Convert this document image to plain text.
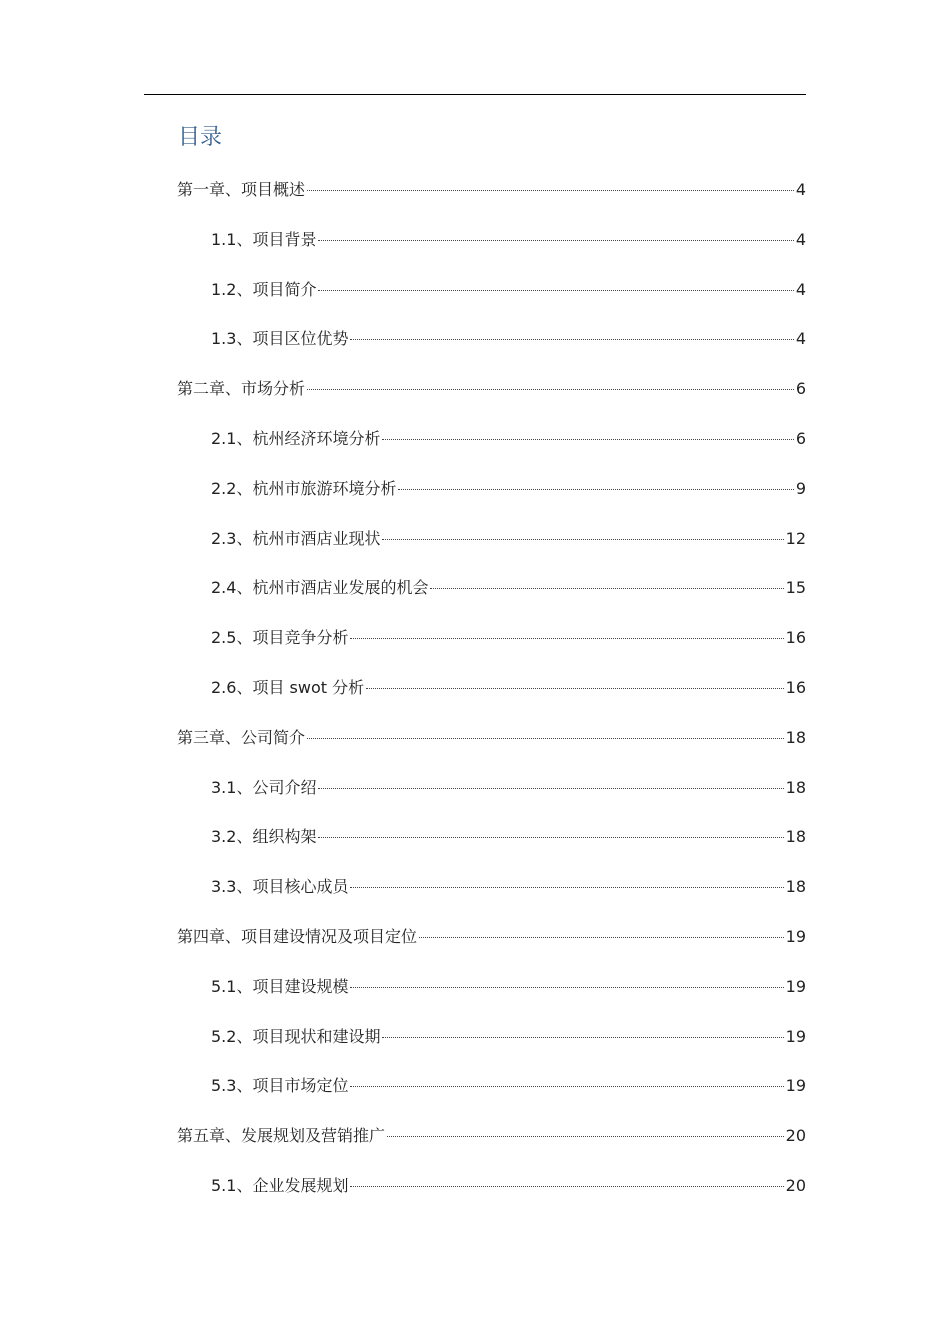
目录
第一章、项目概述	4
1.1、项目背景	4
1.2、项目简介	4
1.3、项目区位优势	4
第二章、市场分析	6
2.1、杭州经济环境分析	6
2.2、杭州市旅游环境分析	9
2.3、杭州市酒店业现状	12
2.4、杭州市酒店业发展的机会	15
2.5、项目竞争分析	16
2.6、项目 swot 分析	16
第三章、公司简介	18
3.1、公司介绍	18
3.2、组织构架	18
3.3、项目核心成员	18
第四章、项目建设情况及项目定位	19
5.1、项目建设规模	19
5.2、项目现状和建设期	19
5.3、项目市场定位	19
第五章、发展规划及营销推广	20
5.1、企业发展规划	20
